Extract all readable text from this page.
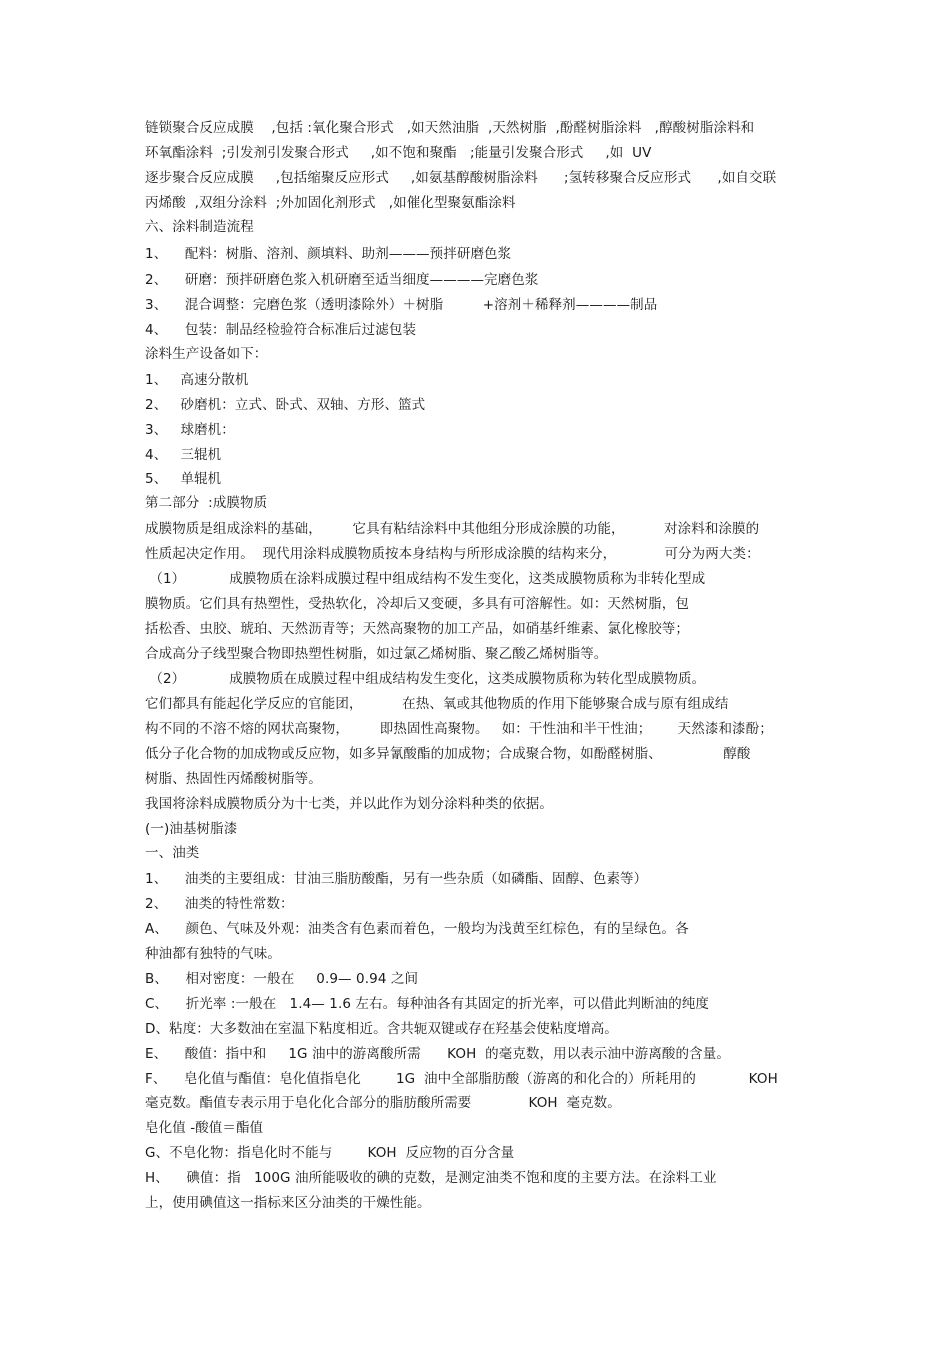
链锁聚合反应成膜    ,包括 :氧化聚合形式   ,如天然油脂  ,天然树脂  ,酚醛树脂涂料   ,醇酸树脂涂料和
环氧酯涂料  ;引发剂引发聚合形式     ,如不饱和聚酯   ;能量引发聚合形式     ,如  UV
逐步聚合反应成膜     ,包括缩聚反应形式     ,如氨基醇酸树脂涂料      ;氢转移聚合反应形式      ,如自交联
丙烯酸  ,双组分涂料  ;外加固化剂形式   ,如催化型聚氨酯涂料
六、涂料制造流程
1、    配料：树脂、溶剂、颜填料、助剂———预拌研磨色浆
2、    研磨：预拌研磨色浆入机研磨至适当细度————完磨色浆
3、    混合调整：完磨色浆（透明漆除外）＋树脂         +溶剂＋稀释剂————制品
4、    包装：制品经检验符合标准后过滤包装
涂料生产设备如下：
1、   高速分散机
2、   砂磨机：立式、卧式、双轴、方形、篮式
3、   球磨机：
4、   三辊机
5、   单辊机
第二部分  :成膜物质
成膜物质是组成涂料的基础，       它具有粘结涂料中其他组分形成涂膜的功能，         对涂料和涂膜的
性质起决定作用。  现代用涂料成膜物质按本身结构与所形成涂膜的结构来分，           可分为两大类：
（1）          成膜物质在涂料成膜过程中组成结构不发生变化，这类成膜物质称为非转化型成
膜物质。它们具有热塑性，受热软化，冷却后又变硬，多具有可溶解性。如：天然树脂，包
括松香、虫胶、琥珀、天然沥青等；天然高聚物的加工产品，如硝基纤维素、氯化橡胶等；
合成高分子线型聚合物即热塑性树脂，如过氯乙烯树脂、聚乙酸乙烯树脂等。
（2）          成膜物质在成膜过程中组成结构发生变化，这类成膜物质称为转化型成膜物质。
它们都具有能起化学反应的官能团，         在热、氧或其他物质的作用下能够聚合成与原有组成结
构不同的不溶不熔的网状高聚物，       即热固性高聚物。   如：干性油和半干性油；      天然漆和漆酚；
低分子化合物的加成物或反应物，如多异氰酸酯的加成物；合成聚合物，如酚醛树脂、              醇酸
树脂、热固性丙烯酸树脂等。
我国将涂料成膜物质分为十七类，并以此作为划分涂料种类的依据。
(一)油基树脂漆
一、油类
1、    油类的主要组成：甘油三脂肪酸酯，另有一些杂质（如磷酯、固醇、色素等）
2、    油类的特性常数：
A、    颜色、气味及外观：油类含有色素而着色，一般均为浅黄至红棕色，有的呈绿色。各
种油都有独特的气味。
B、    相对密度：一般在     0.9— 0.94 之间
C、    折光率 :一般在   1.4— 1.6 左右。每种油各有其固定的折光率，可以借此判断油的纯度
D、粘度：大多数油在室温下粘度相近。含共轭双键或存在羟基会使粘度增高。
E、    酸值：指中和     1G 油中的游离酸所需      KOH  的毫克数，用以表示油中游离酸的含量。
F、    皂化值与酯值：皂化值指皂化        1G  油中全部脂肪酸（游离的和化合的）所耗用的            KOH
毫克数。酯值专表示用于皂化化合部分的脂肪酸所需要             KOH  毫克数。
皂化值 -酸值＝酯值
G、不皂化物：指皂化时不能与        KOH  反应物的百分含量
H、    碘值：指   100G 油所能吸收的碘的克数，是测定油类不饱和度的主要方法。在涂料工业
上，使用碘值这一指标来区分油类的干燥性能。
